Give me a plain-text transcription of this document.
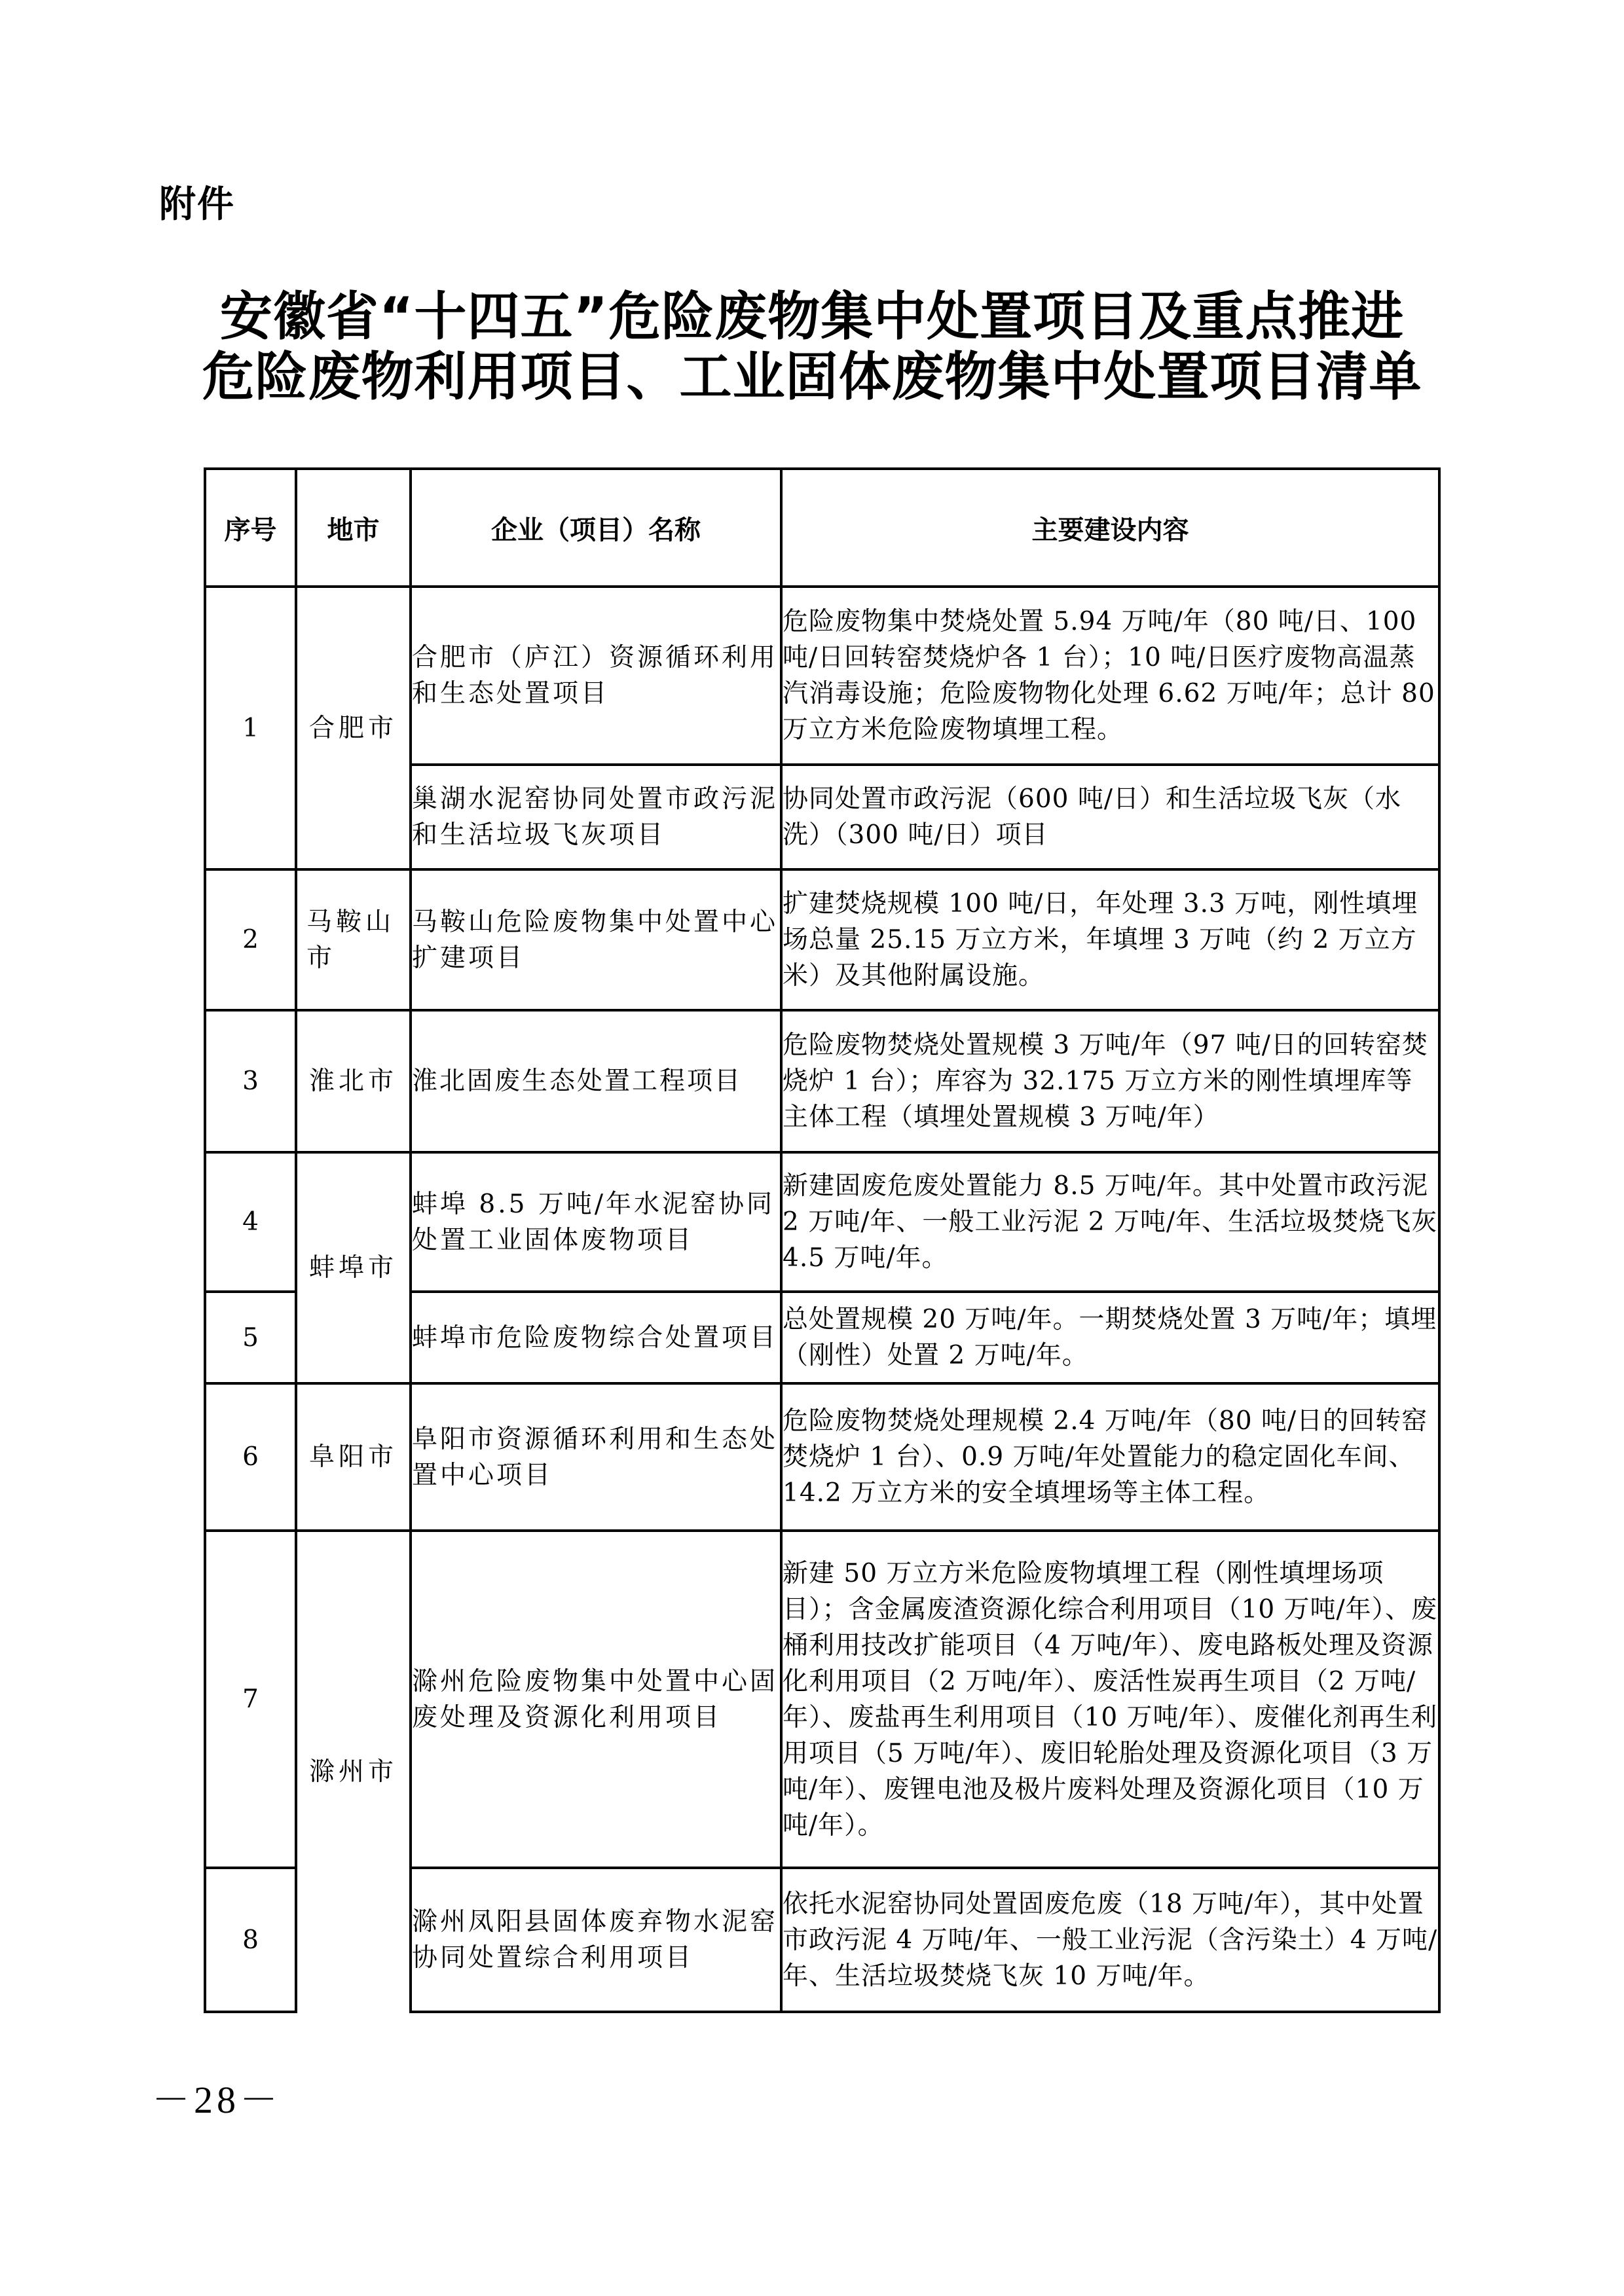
附件
安徽省“十四五”危险废物集中处置项目及重点推进
危险废物利用项目、工业固体废物集中处置项目清单
序号	地市	企业（项目）名称	主要建设内容
1	合肥市	合肥市（庐江）资源循环利用和生态处置项目	危险废物集中焚烧处置 5.94 万吨/年（80 吨/日、100 吨/日回转窑焚烧炉各 1 台）；10 吨/日医疗废物高温蒸汽消毒设施；危险废物物化处理 6.62 万吨/年；总计 80 万立方米危险废物填埋工程。
		巢湖水泥窑协同处置市政污泥和生活垃圾飞灰项目	协同处置市政污泥（600 吨/日）和生活垃圾飞灰（水洗）（300 吨/日）项目
2	马鞍山市	马鞍山危险废物集中处置中心扩建项目	扩建焚烧规模 100 吨/日，年处理 3.3 万吨，刚性填埋场总量 25.15 万立方米，年填埋 3 万吨（约 2 万立方米）及其他附属设施。
3	淮北市	淮北固废生态处置工程项目	危险废物焚烧处置规模 3 万吨/年（97 吨/日的回转窑焚烧炉 1 台）；库容为 32.175 万立方米的刚性填埋库等主体工程（填埋处置规模 3 万吨/年）
4	蚌埠市	蚌埠 8.5 万吨/年水泥窑协同处置工业固体废物项目	新建固废危废处置能力 8.5 万吨/年。其中处置市政污泥 2 万吨/年、一般工业污泥 2 万吨/年、生活垃圾焚烧飞灰 4.5 万吨/年。
5		蚌埠市危险废物综合处置项目	总处置规模 20 万吨/年。一期焚烧处置 3 万吨/年；填埋（刚性）处置 2 万吨/年。
6	阜阳市	阜阳市资源循环利用和生态处置中心项目	危险废物焚烧处理规模 2.4 万吨/年（80 吨/日的回转窑焚烧炉 1 台）、0.9 万吨/年处置能力的稳定固化车间、14.2 万立方米的安全填埋场等主体工程。
7	滁州市	滁州危险废物集中处置中心固废处理及资源化利用项目	新建 50 万立方米危险废物填埋工程（刚性填埋场项目）；含金属废渣资源化综合利用项目（10 万吨/年）、废桶利用技改扩能项目（4 万吨/年）、废电路板处理及资源化利用项目（2 万吨/年）、废活性炭再生项目（2 万吨/年）、废盐再生利用项目（10 万吨/年）、废催化剂再生利用项目（5 万吨/年）、废旧轮胎处理及资源化项目（3 万吨/年）、废锂电池及极片废料处理及资源化项目（10 万吨/年）。
8		滁州凤阳县固体废弃物水泥窑协同处置综合利用项目	依托水泥窑协同处置固废危废（18 万吨/年），其中处置市政污泥 4 万吨/年、一般工业污泥（含污染土）4 万吨/年、生活垃圾焚烧飞灰 10 万吨/年。
－28－
